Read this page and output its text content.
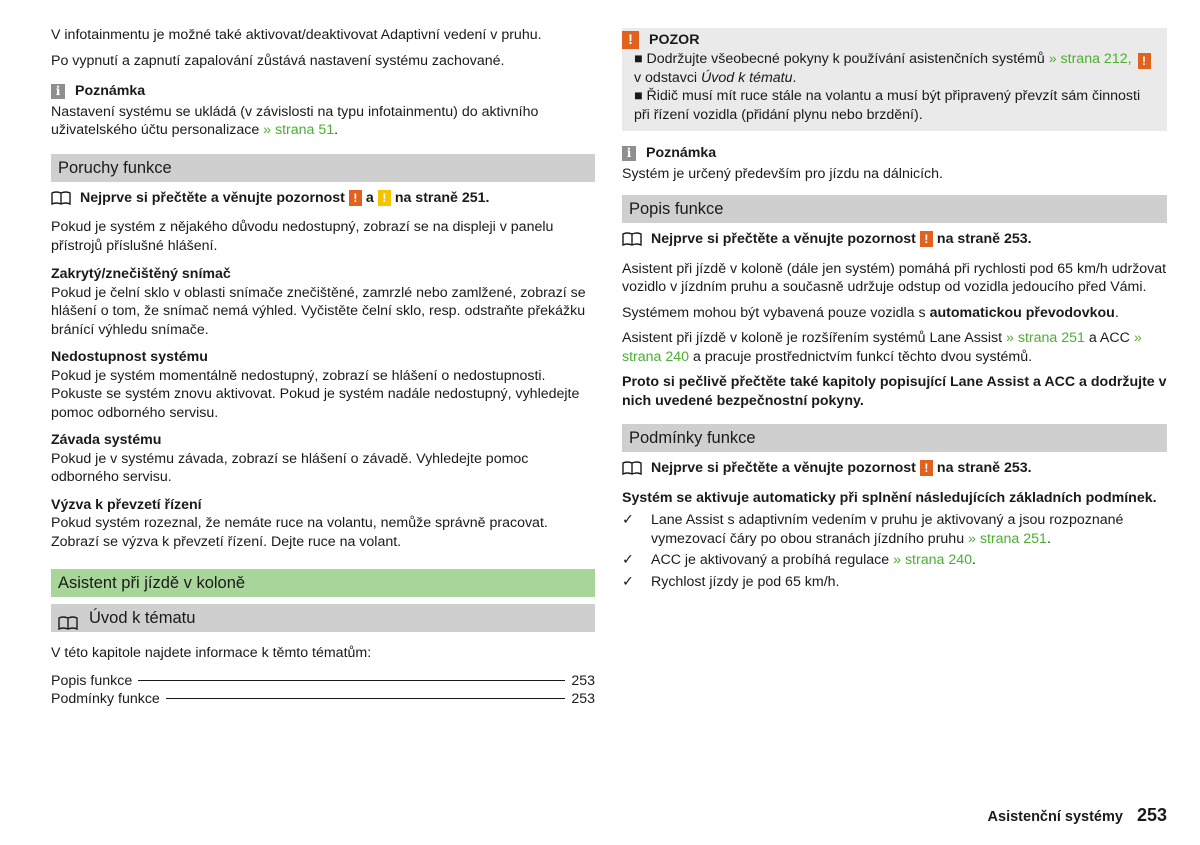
V infotainmentu je možné také aktivovat/deaktivovat Adaptivní vedení v pruhu.

Po vypnutí a zapnutí zapalování zůstává nastavení systému zachované.

i	Poznámka

Nastavení systému se ukládá (v závislosti na typu infotainmentu) do aktivního uživatelského účtu personalizace » strana 51.

Poruchy funkce
Nejprve si přečtěte a věnujte pozornost ! a ! na straně 251.

Pokud je systém z nějakého důvodu nedostupný, zobrazí se na displeji v panelu přístrojů příslušné hlášení.

Zakrytý/znečištěný snímač

Pokud je čelní sklo v oblasti snímače znečištěné, zamrzlé nebo zamlžené, zobrazí se hlášení o tom, že snímač nemá výhled. Vyčistěte čelní sklo, resp. odstraňte překážku bránící výhledu snímače.

Nedostupnost systému

Pokud je systém momentálně nedostupný, zobrazí se hlášení o nedostupnosti. Pokuste se systém znovu aktivovat. Pokud je systém nadále nedostupný, vyhledejte pomoc odborného servisu.

Závada systému

Pokud je v systému závada, zobrazí se hlášení o závadě. Vyhledejte pomoc odborného servisu.

Výzva k převzetí řízení

Pokud systém rozeznal, že nemáte ruce na volantu, nemůže správně pracovat. Zobrazí se výzva k převzetí řízení. Dejte ruce na volant.

Asistent při jízdě v koloně
Úvod k tématu

V této kapitole najdete informace k těmto tématům:

Popis funkce	253
Podmínky funkce	253
!	POZOR

■ Dodržujte všeobecné pokyny k používání asistenčních systémů » strana 212, ! v odstavci Úvod k tématu.

■ Řidič musí mít ruce stále na volantu a musí být připravený převzít sám činnosti při řízení vozidla (přidání plynu nebo brzdění).

i	Poznámka

Systém je určený především pro jízdu na dálnicích.

Popis funkce
Nejprve si přečtěte a věnujte pozornost ! na straně 253.

Asistent při jízdě v koloně (dále jen systém) pomáhá při rychlosti pod 65 km/h udržovat vozidlo v jízdním pruhu a současně udržuje odstup od vozidla jedoucího před Vámi.

Systémem mohou být vybavená pouze vozidla s automatickou převodovkou.

Asistent při jízdě v koloně je rozšířením systémů Lane Assist » strana 251 a ACC » strana 240 a pracuje prostřednictvím funkcí těchto dvou systémů.

Proto si pečlivě přečtěte také kapitoly popisující Lane Assist a ACC a dodržujte v nich uvedené bezpečnostní pokyny.

Podmínky funkce
Nejprve si přečtěte a věnujte pozornost ! na straně 253.

Systém se aktivuje automaticky při splnění následujících základních podmínek.

✓ Lane Assist s adaptivním vedením v pruhu je aktivovaný a jsou rozpoznané vymezovací čáry po obou stranách jízdního pruhu » strana 251.
✓ ACC je aktivovaný a probíhá regulace » strana 240.
✓ Rychlost jízdy je pod 65 km/h.
Asistenční systémy 253
